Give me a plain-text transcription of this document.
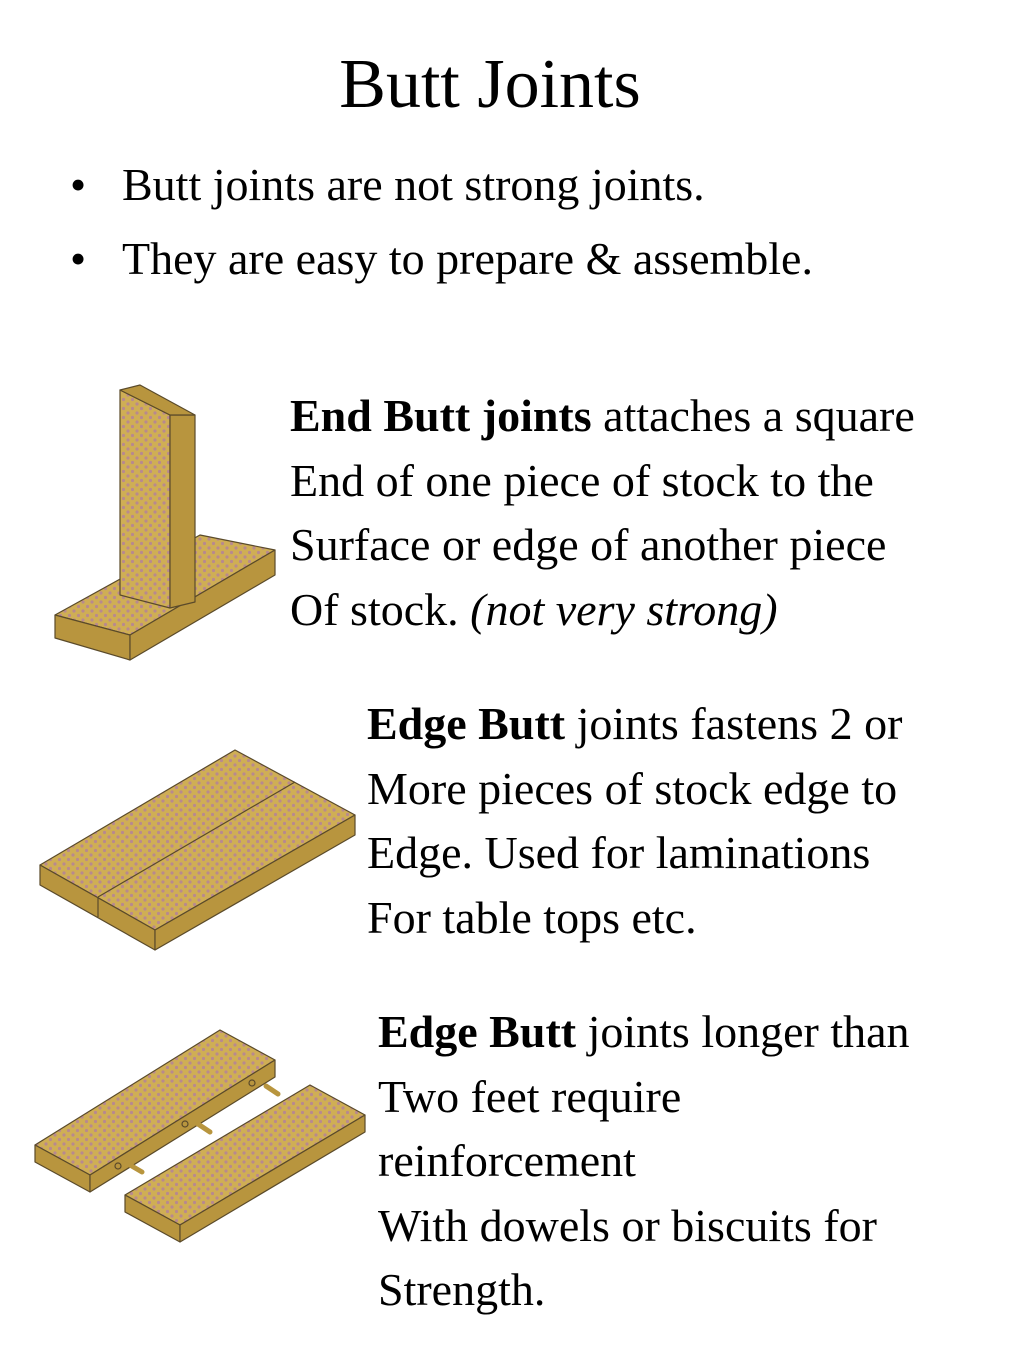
Butt Joints
• Butt joints are not strong joints.
• They are easy to prepare & assemble.
End Butt joints attaches a square
End of one piece of stock to the
Surface or edge of another piece
Of stock. (not very strong)
Edge Butt joints fastens 2 or
More pieces of stock edge to
Edge. Used for laminations
For table tops etc.
Edge Butt joints longer than
Two feet require
reinforcement
With dowels or biscuits for
Strength.
